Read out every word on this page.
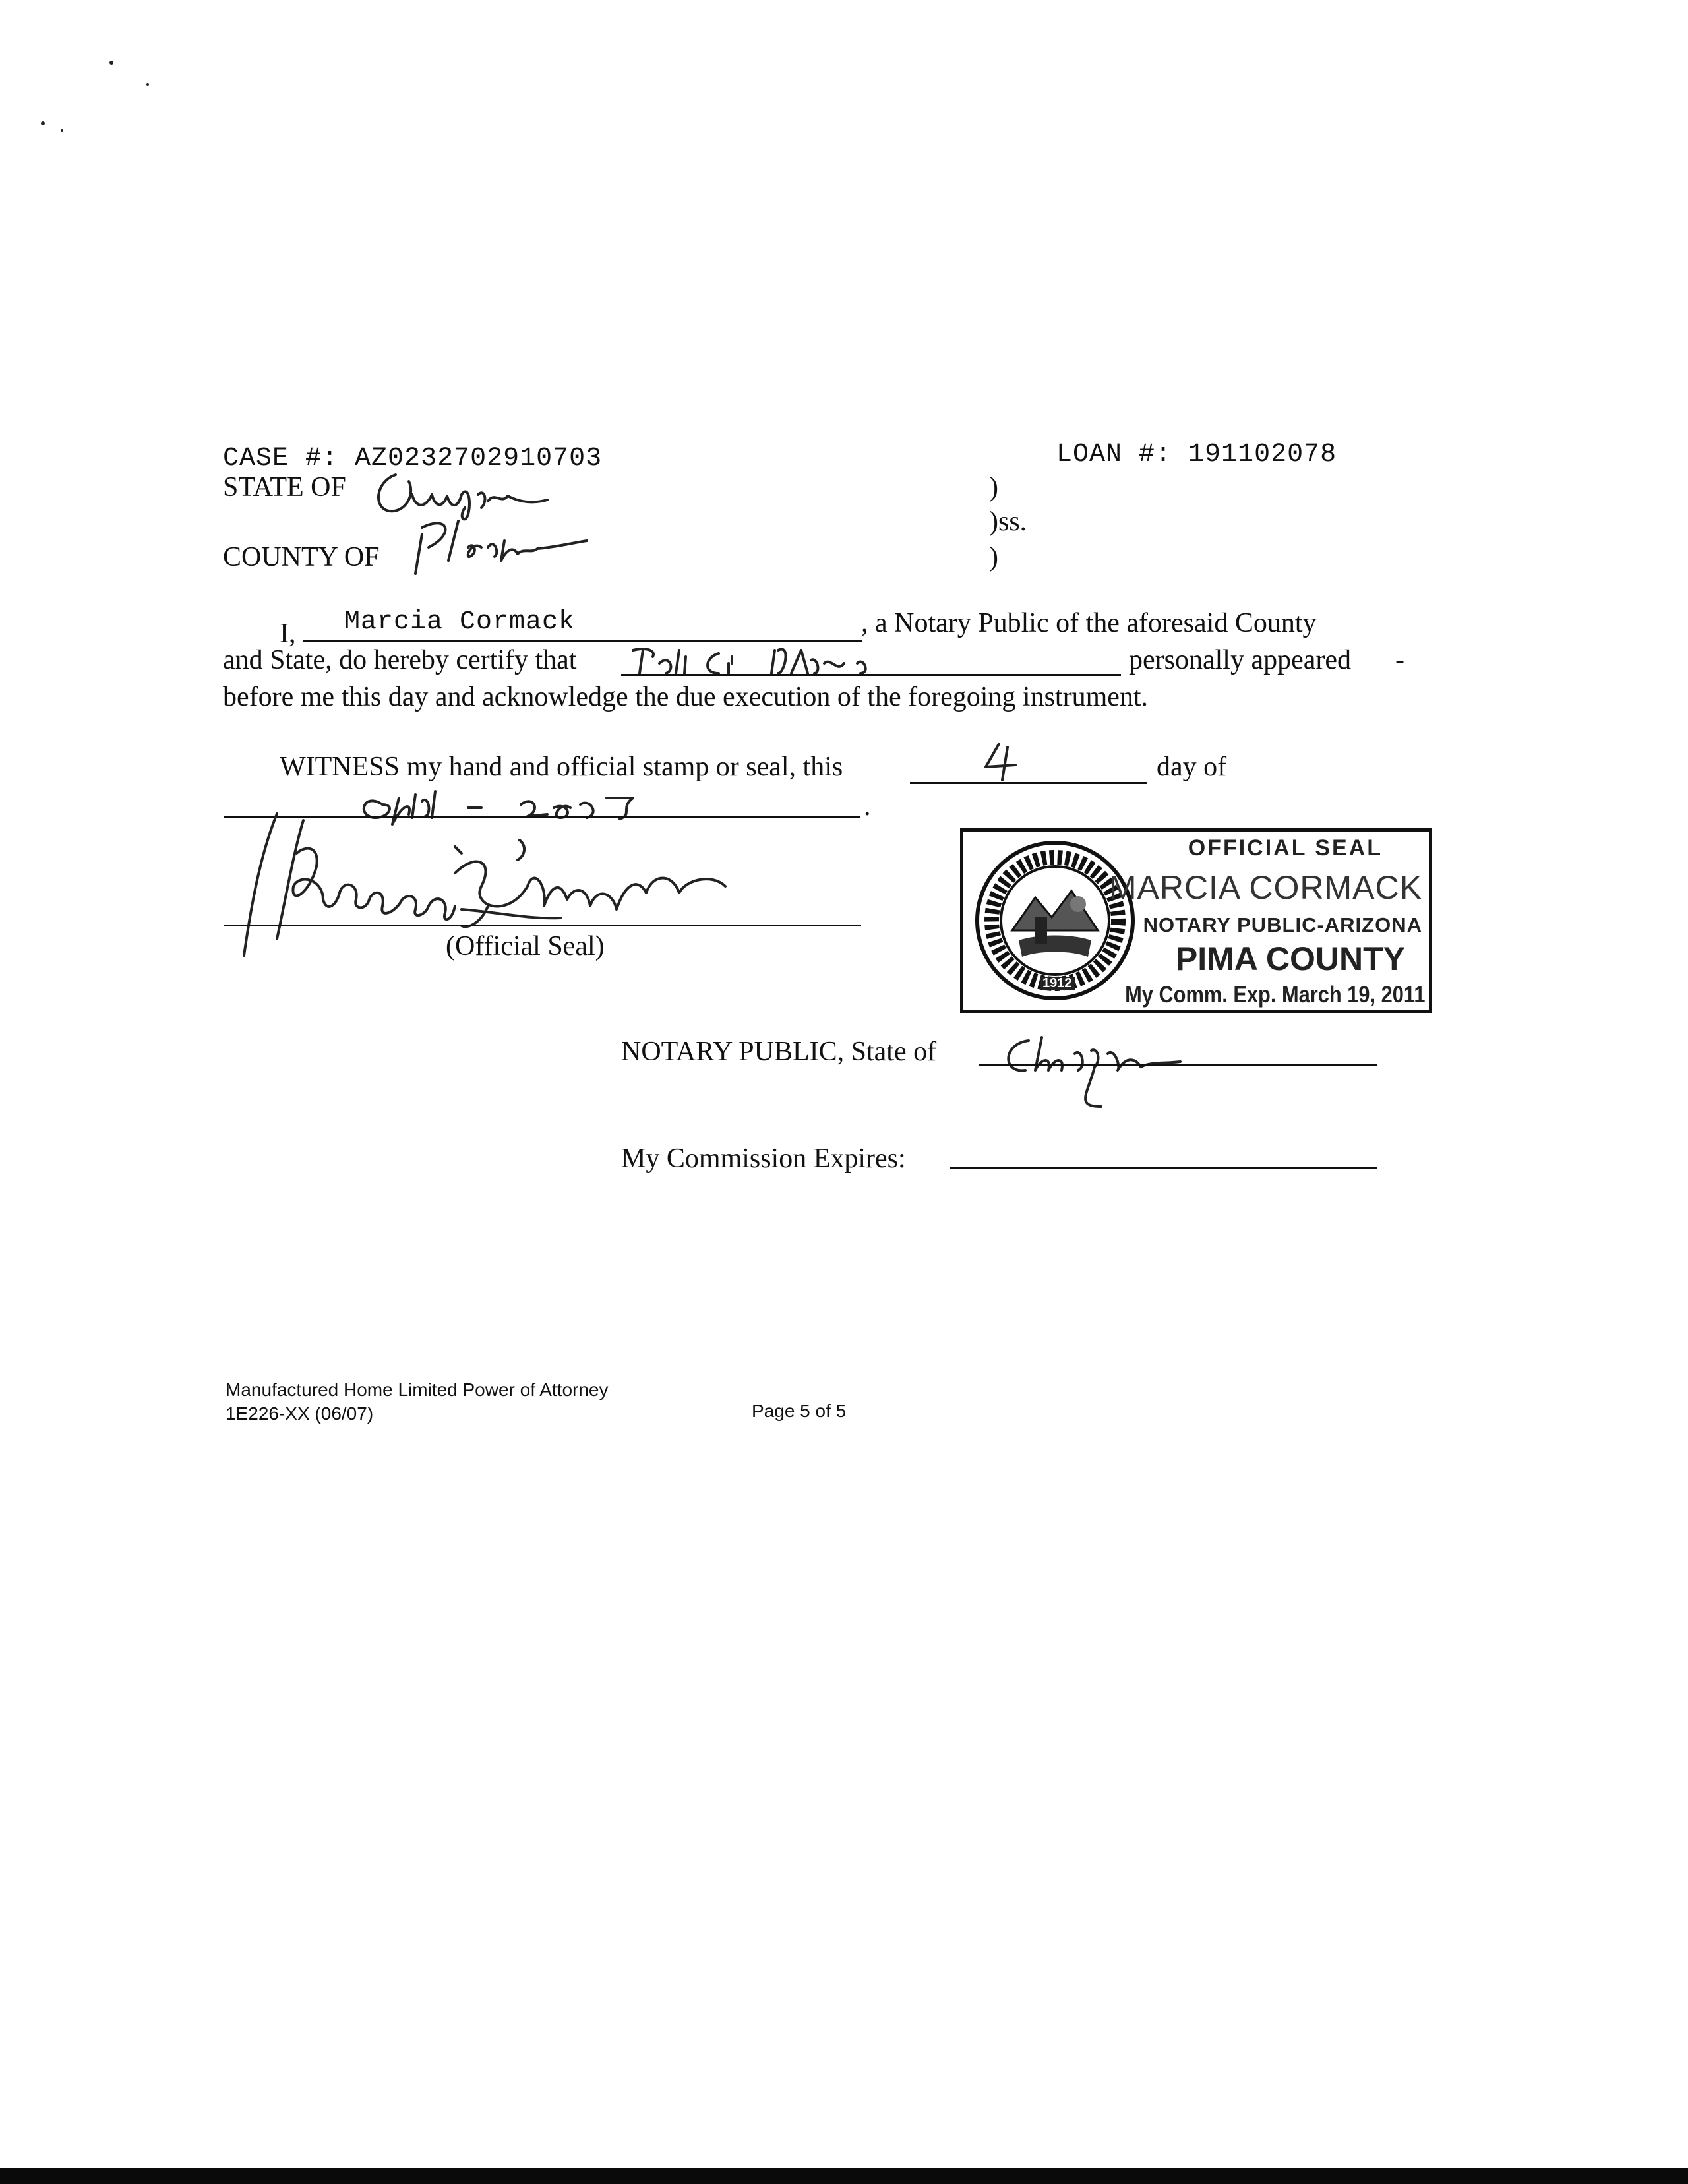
CASE #: AZ0232702910703	LOAN #: 191102078
STATE OF
COUNTY OF
)
)ss.
)
I, Marcia Cormack	, a Notary Public of the aforesaid County
and State, do hereby certify that	personally appeared -
before me this day and acknowledge the due execution of the foregoing instrument.
WITNESS my hand and official stamp or seal, this	day of
.
(Official Seal)
1912
OFFICIAL SEAL
MARCIA CORMACK
NOTARY PUBLIC-ARIZONA
PIMA COUNTY
My Comm. Exp. March 19, 2011
NOTARY PUBLIC, State of
My Commission Expires:
Manufactured Home Limited Power of Attorney
1E226-XX (06/07)	Page 5 of 5
